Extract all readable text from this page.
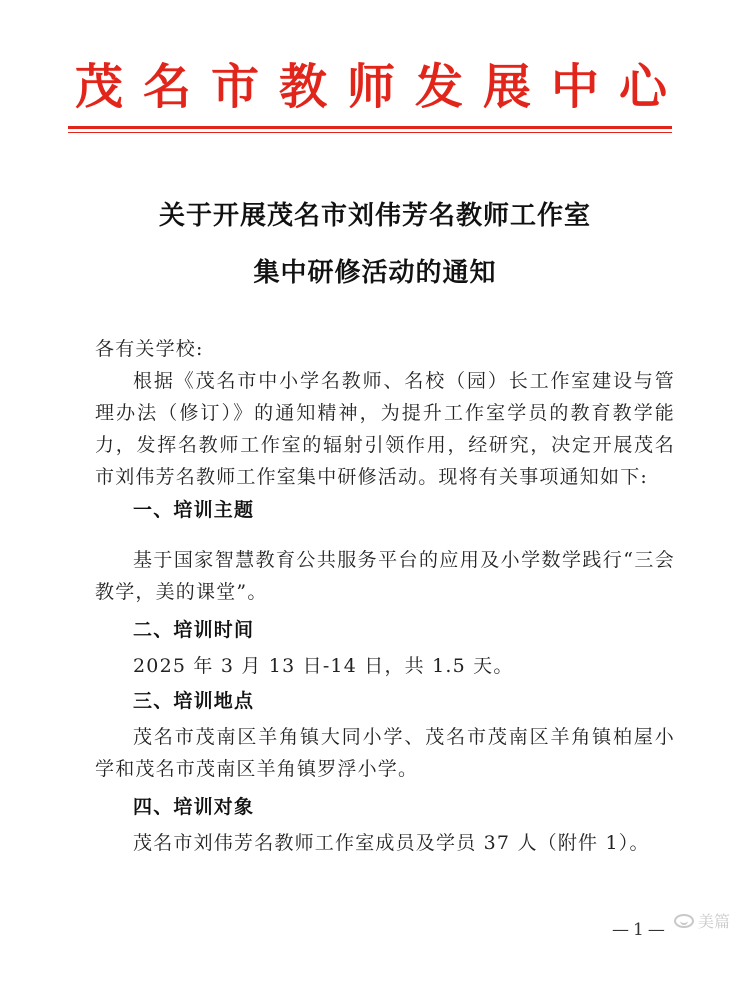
茂名市教师发展中心
关于开展茂名市刘伟芳名教师工作室
集中研修活动的通知

各有关学校:

根据《茂名市中小学名教师、名校（园）长工作室建设与管理办法（修订）》的通知精神，为提升工作室学员的教育教学能力，发挥名教师工作室的辐射引领作用，经研究，决定开展茂名市刘伟芳名教师工作室集中研修活动。现将有关事项通知如下:

一、培训主题

基于国家智慧教育公共服务平台的应用及小学数学践行“三会教学，美的课堂”。

二、培训时间

2025 年 3 月 13 日-14 日，共 1.5 天。

三、培训地点

茂名市茂南区羊角镇大同小学、茂名市茂南区羊角镇柏屋小学和茂名市茂南区羊角镇罗浮小学。

四、培训对象

茂名市刘伟芳名教师工作室成员及学员 37 人（附件 1）。

—1— 美篇
